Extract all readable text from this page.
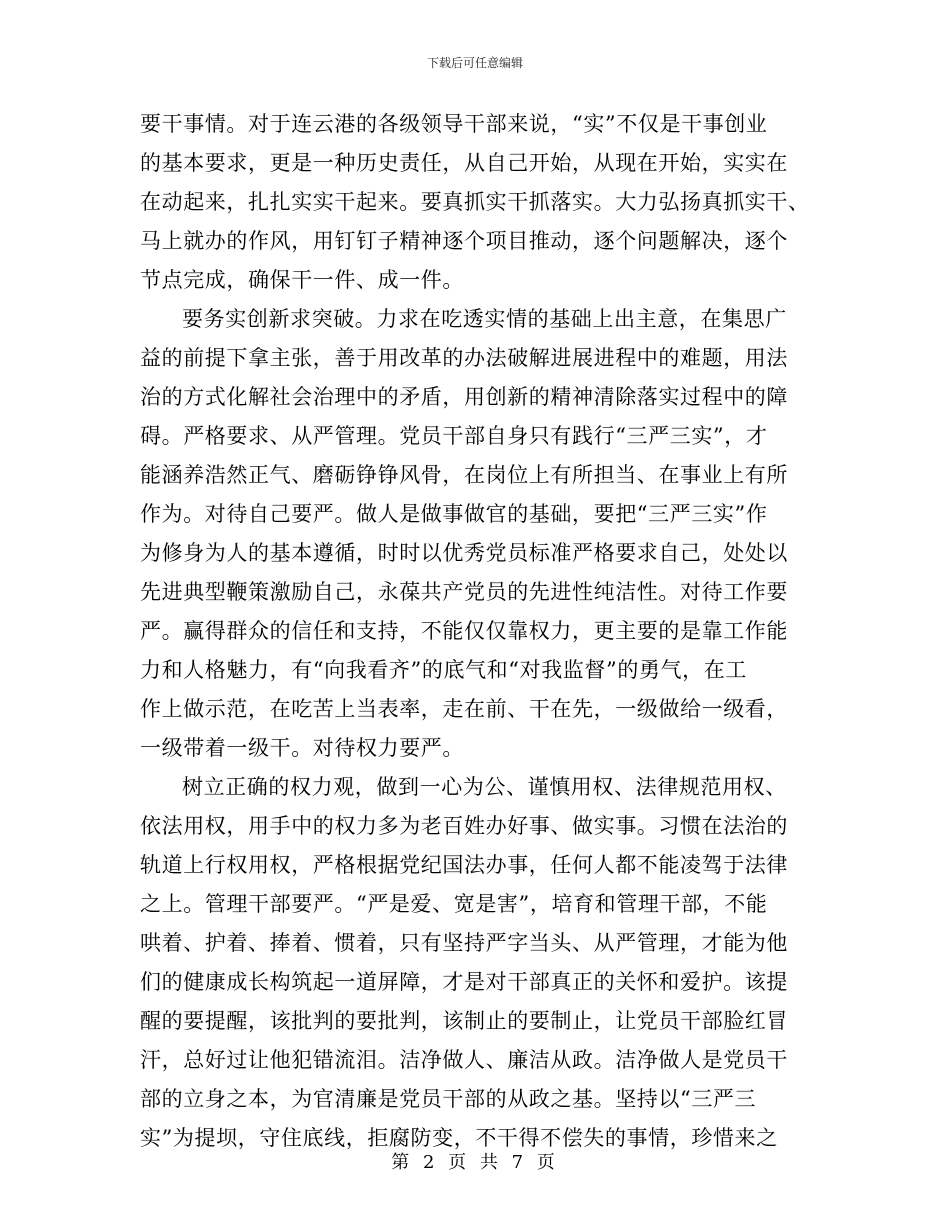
下载后可任意编辑
要干事情。对于连云港的各级领导干部来说，“实”不仅是干事创业
的基本要求，更是一种历史责任，从自己开始，从现在开始，实实在
在动起来，扎扎实实干起来。要真抓实干抓落实。大力弘扬真抓实干、
马上就办的作风，用钉钉子精神逐个项目推动，逐个问题解决，逐个
节点完成，确保干一件、成一件。
要务实创新求突破。力求在吃透实情的基础上出主意，在集思广
益的前提下拿主张，善于用改革的办法破解进展进程中的难题，用法
治的方式化解社会治理中的矛盾，用创新的精神清除落实过程中的障
碍。严格要求、从严管理。党员干部自身只有践行“三严三实”，才
能涵养浩然正气、磨砺铮铮风骨，在岗位上有所担当、在事业上有所
作为。对待自己要严。做人是做事做官的基础，要把“三严三实”作
为修身为人的基本遵循，时时以优秀党员标准严格要求自己，处处以
先进典型鞭策激励自己，永葆共产党员的先进性纯洁性。对待工作要
严。赢得群众的信任和支持，不能仅仅靠权力，更主要的是靠工作能
力和人格魅力，有“向我看齐”的底气和“对我监督”的勇气，在工
作上做示范，在吃苦上当表率，走在前、干在先，一级做给一级看，
一级带着一级干。对待权力要严。
树立正确的权力观，做到一心为公、谨慎用权、法律规范用权、
依法用权，用手中的权力多为老百姓办好事、做实事。习惯在法治的
轨道上行权用权，严格根据党纪国法办事，任何人都不能凌驾于法律
之上。管理干部要严。“严是爱、宽是害”，培育和管理干部，不能
哄着、护着、捧着、惯着，只有坚持严字当头、从严管理，才能为他
们的健康成长构筑起一道屏障，才是对干部真正的关怀和爱护。该提
醒的要提醒，该批判的要批判，该制止的要制止，让党员干部脸红冒
汗，总好过让他犯错流泪。洁净做人、廉洁从政。洁净做人是党员干
部的立身之本，为官清廉是党员干部的从政之基。坚持以“三严三
实”为提坝，守住底线，拒腐防变，不干得不偿失的事情，珍惜来之
第 2 页 共 7 页
